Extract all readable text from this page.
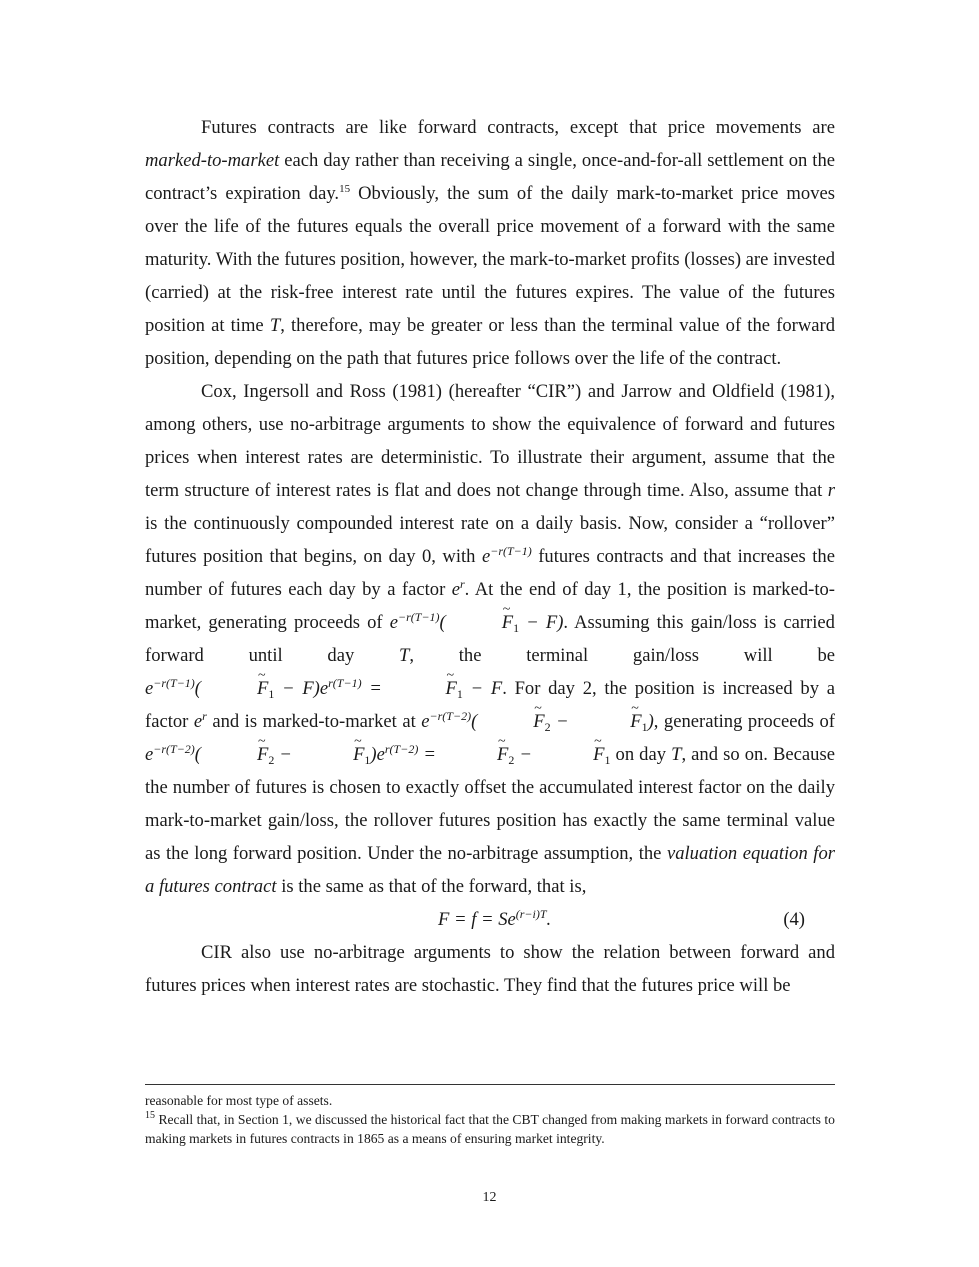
Futures contracts are like forward contracts, except that price movements are marked-to-market each day rather than receiving a single, once-and-for-all settlement on the contract’s expiration day.$^{15}$ Obviously, the sum of the daily mark-to-market price moves over the life of the futures equals the overall price movement of a forward with the same maturity. With the futures position, however, the mark-to-market profits (losses) are invested (carried) at the risk-free interest rate until the futures expires. The value of the futures position at time T, therefore, may be greater or less than the terminal value of the forward position, depending on the path that futures price follows over the life of the contract.

Cox, Ingersoll and Ross (1981) (hereafter “CIR”) and Jarrow and Oldfield (1981), among others, use no-arbitrage arguments to show the equivalence of forward and futures prices when interest rates are deterministic. To illustrate their argument, assume that the term structure of interest rates is flat and does not change through time. Also, assume that r is the continuously compounded interest rate on a daily basis. Now, consider a “rollover” futures position that begins, on day 0, with $e^{-r(T-1)}$ futures contracts and that increases the number of futures each day by a factor $e^r$. At the end of day 1, the position is marked-to-market, generating proceeds of $e^{-r(T-1)}(\sim$	$F_1 - F$). Assuming this gain/loss is carried forward until day T, the terminal gain/loss will be $e^{-r(T-1)}(\sim$	$F_1 - F)e^{r(T-1)}$ = ~	$F_1 - F$. For day 2, the position is increased by a factor $e^r$ and is marked-to-market at $e^{-r(T-2)}(\sim$	$F_2$ − ~	$F_1$), generating proceeds of $e^{-r(T-2)}(\sim$	$F_2$ − ~	$F_1)e^{r(T-2)}$ = ~	$F_2$ − ~	$F_1$ on day T, and so on. Because the number of futures is chosen to exactly offset the accumulated interest factor on the daily mark-to-market gain/loss, the rollover futures position has exactly the same terminal value as the long forward position. Under the no-arbitrage assumption, the valuation equation for a futures contract is the same as that of the forward, that is,

$F = f = Se^{(r-i)T}$.	(4)

CIR also use no-arbitrage arguments to show the relation between forward and futures prices when interest rates are stochastic. They find that the futures price will be

reasonable for most type of assets.

$^{15}$ Recall that, in Section 1, we discussed the historical fact that the CBT changed from making markets in forward contracts to making markets in futures contracts in 1865 as a means of ensuring market integrity.

12
